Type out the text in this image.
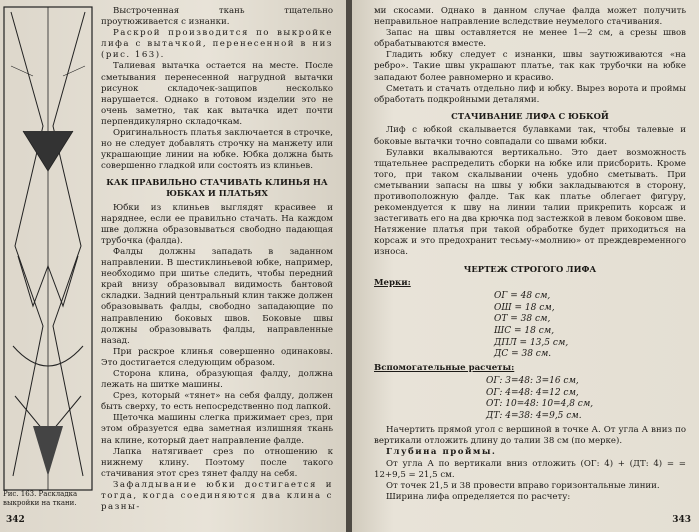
Рис. 163. Раскладка выкройки на ткани.

Выстроченная ткань тщательно проутюживается с изнанки.

Раскрой производится по выкройке лифа с вытачкой, перенесенной в низ (рис. 163).

Талиевая вытачка остается на месте. После сметывания перенесенной нагрудной вытачки рисунок складочек-защипов несколько нарушается. Однако в готовом изделии это не очень заметно, так как вытачка идет почти перпендикулярно складочкам.

Оригинальность платья заключается в строчке, но не следует добавлять строчку на манжету или украшающие линии на юбке. Юбка должна быть совершенно гладкой или состоять из клиньев.

КАК ПРАВИЛЬНО СТАЧИВАТЬ КЛИНЬЯ НА ЮБКАХ И ПЛАТЬЯХ

Юбки из клиньев выглядят красивее и наряднее, если ее правильно стачать. На каждом шве должна образовываться свободно падающая трубочка (фалда).

Фалды должны западать в заданном направлении. В шестиклиньевой юбке, например, необходимо при шитье следить, чтобы передний край внизу образовывал видимость бантовой складки. Задний центральный клин также должен образовывать фалды, свободно западающие по направлению боковых швов. Боковые швы должны образовывать фалды, направленные назад.

При раскрое клинья совершенно одинаковы. Это достигается следующим образом.

Сторона клина, образующая фалду, должна лежать на шитке машины.

Срез, который «тянет» на себя фалду, должен быть сверху, то есть непосредственно под лапкой.

Щеточка машины слегка прижимает срез, при этом образуется едва заметная излишняя ткань на клине, который дает направление фалде.

Лапка натягивает срез по отношению к нижнему клину. Поэтому после такого стачивания этот срез тянет фалду на себя.

Зафалдывание юбки достигается и тогда, когда соединяются два клина с разны-

342

ми скосами. Однако в данном случае фалда может получить неправильное направление вследствие неумелого стачивания.

Запас на швы оставляется не менее 1—2 см, а срезы швов обрабатываются вместе.

Гладить юбку следует с изнанки, швы заутюживаются «на ребро». Такие швы украшают платье, так как трубочки на юбке западают более равномерно и красиво.

Сметать и стачать отдельно лиф и юбку. Вырез ворота и проймы обработать подкройными деталями.

СТАЧИВАНИЕ ЛИФА С ЮБКОЙ

Лиф с юбкой скалывается булавками так, чтобы талевые и боковые вытачки точно совпадали со швами юбки.

Булавки вкалываются вертикально. Это дает возможность тщательнее распределить сборки на юбке или присборить. Кроме того, при таком скалывании очень удобно сметывать. При сметывании запасы на швы у юбки закладываются в сторону, противоположную фалде. Так как платье облегает фигуру, рекомендуется к шву на линии талии прикрепить корсаж и застегивать его на два крючка под застежкой в левом боковом шве. Натяжение платья при такой обработке будет приходиться на корсаж и это предохранит тесьму-«молнию» от преждевременного износа.

ЧЕРТЕЖ СТРОГОГО ЛИФА
Мерки:
ОГ = 48 см,
ОШ = 18 см,
ОТ = 38 см,
ШС = 18 см,
ДПЛ = 13,5 см,
ДС = 38 см.
Вспомогательные расчеты:
ОГ: 3=48: 3=16 см,
ОГ: 4=48: 4=12 см,
ОТ: 10=48: 10=4,8 см,
ДТ: 4=38: 4=9,5 см.

Начертить прямой угол с вершиной в точке А. От угла А вниз по вертикали отложить длину до талии 38 см (по мерке).

Глубина проймы.

От угла А по вертикали вниз отложить (ОГ: 4) + (ДТ: 4) = = 12+9,5 = 21,5 см.

От точек 21,5 и 38 провести вправо горизонтальные линии.

Ширина лифа определяется по расчету:

343
